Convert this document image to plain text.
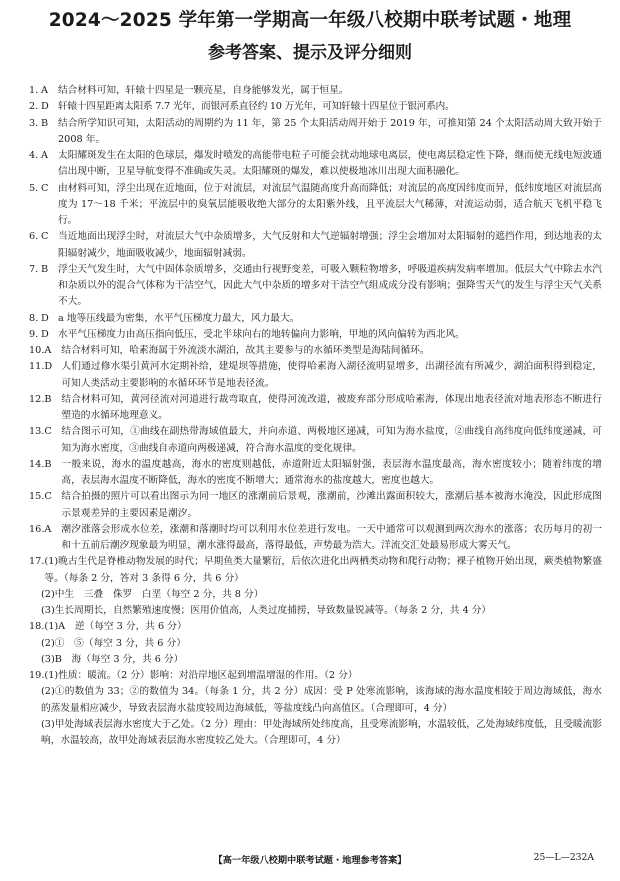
2024～2025 学年第一学期高一年级八校期中联考试题・地理
参考答案、提示及评分细则
1. A	结合材料可知，轩辕十四星是一颗亮星，自身能够发光，属于恒星。
2. D 轩辕十四星距离太阳系 7.7 光年，而银河系直径约 10 万光年，可知轩辕十四星位于银河系内。
3. B	结合所学知识可知，太阳活动的周期约为 11 年，第 25 个太阳活动周开始于 2019 年，可推知第 24 个太阳活动周大致开始于 2008 年。
4. A	太阳耀斑发生在太阳的色球层，爆发时喷发的高能带电粒子可能会扰动地球电离层，使电离层稳定性下降，继而使无线电短波通信出现中断，卫星导航变得不准确或失灵。太阳耀斑的爆发，难以使极地冰川出现大面积融化。
5. C 由材料可知，浮尘出现在近地面，位于对流层，对流层气温随高度升高而降低；对流层的高度因纬度而异，低纬度地区对流层高度为 17～18 千米；平流层中的臭氧层能吸收绝大部分的太阳紫外线，且平流层大气稀薄，对流运动弱，适合航天飞机平稳飞行。
6. C 当近地面出现浮尘时，对流层大气中杂质增多，大气反射和大气逆辐射增强；浮尘会增加对太阳辐射的遮挡作用，到达地表的太阳辐射减少，地面吸收减少，地面辐射减弱。
7. B	浮尘天气发生时，大气中固体杂质增多，交通由行视野变差，可吸入颗粒物增多，呼吸道疾病发病率增加。低层大气中除去水汽和杂质以外的混合气体称为干洁空气，因此大气中杂质的增多对干洁空气组成成分没有影响；强降雪天气的发生与浮尘天气关系不大。
8. D a 地等压线最为密集，水平气压梯度力最大，风力最大。
9. D 水平气压梯度力由高压指向低压，受北半球向右的地转偏向力影响，甲地的风向偏转为西北风。
10. A	结合材料可知，哈素海属于外流淡水湖泊，故其主要参与的水循环类型是海陆间循环。
11. D 人们通过修水渠引黄河水定期补给，建堤坝等措施，使得哈素海入湖径流明显增多，出湖径流有所减少，湖泊面积得到稳定，可知人类活动主要影响的水循环环节是地表径流。
12. B	结合材料可知，黄河径流对河道进行裁弯取直，使得河流改道，被废弃部分形成哈素海，体现出地表径流对地表形态不断进行塑造的水循环地理意义。
13. C 结合图示可知，①曲线在副热带海域值最大，并向赤道、两极地区递减，可知为海水盐度，②曲线自高纬度向低纬度递减，可知为海水密度，③曲线自赤道向两极递减，符合海水温度的变化规律。
14. B	一般来说，海水的温度越高，海水的密度则越低，赤道附近太阳辐射强，表层海水温度最高，海水密度较小；随着纬度的增高，表层海水温度不断降低，海水的密度不断增大；通常海水的盐度越大，密度也越大。
15. C 结合拍摄的照片可以看出图示为同一地区的涨潮前后景观，涨潮前，沙滩出露面积较大，涨潮后基本被海水淹没，因此形成图示景观差异的主要因素是潮汐。
16. A	潮汐涨落会形成水位差，涨潮和落潮时均可以利用水位差进行发电。一天中通常可以观测到两次海水的涨落；农历每月的初一和十五前后潮汐现象最为明显，潮水涨得最高，落得最低，声势最为浩大。洋流交汇处最易形成大雾天气。
17. (1)晚古生代是脊椎动物发展的时代；早期鱼类大量繁衍，后依次进化出两栖类动物和爬行动物；裸子植物开始出现，蕨类植物繁盛等。（每条 2 分，答对 3 条得 6 分，共 6 分）
(2)中生　三叠　侏罗　白垩（每空 2 分，共 8 分）
(3)生长周期长，自然繁殖速度慢；医用价值高，人类过度捕捞，导致数量锐减等。（每条 2 分，共 4 分）
18. (1)A　逆（每空 3 分，共 6 分）
(2)①　⑤（每空 3 分，共 6 分）
(3)B　海（每空 3 分，共 6 分）
19. (1)性质：暖流。（2 分）影响：对沿岸地区起到增温增湿的作用。（2 分）
(2)①的数值为 33；②的数值为 34。（每条 1 分，共 2 分）成因：受 P 处寒流影响，该海域的海水温度相较于周边海域低，海水的蒸发量相应减少，导致表层海水盐度较周边海域低，等盐度线凸向高值区。（合理即可，4 分）
(3)甲处海域表层海水密度大于乙处。（2 分）理由：甲处海域所处纬度高，且受寒流影响，水温较低，乙处海域纬度低，且受暖流影响，水温较高，故甲处海域表层海水密度较乙处大。（合理即可，4 分）
【高一年级八校期中联考试题・地理参考答案】	25—L—232A
